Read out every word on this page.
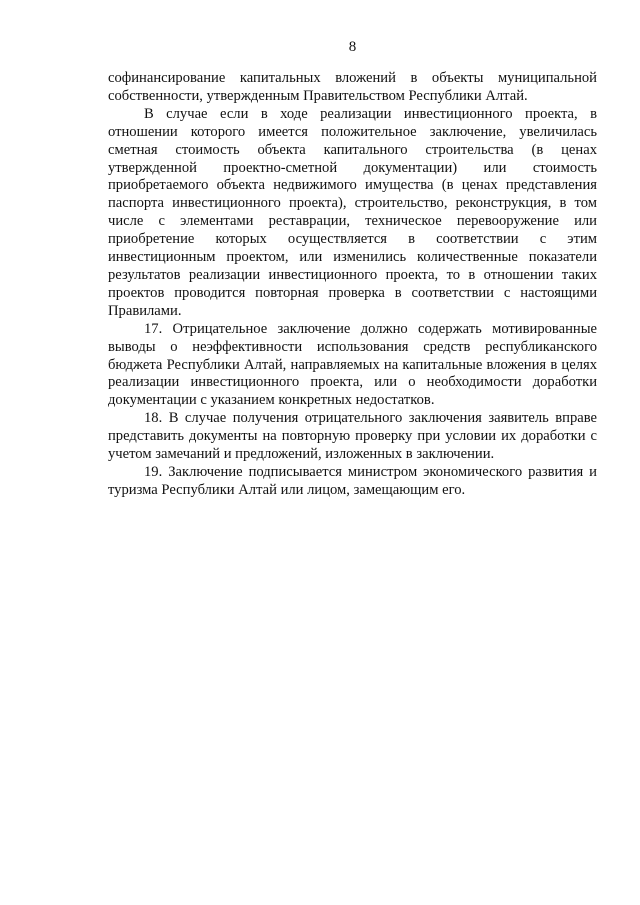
8

софинансирование капитальных вложений в объекты муниципальной собственности, утвержденным Правительством Республики Алтай.

В случае если в ходе реализации инвестиционного проекта, в отношении которого имеется положительное заключение, увеличилась сметная стоимость объекта капитального строительства (в ценах утвержденной проектно-сметной документации) или стоимость приобретаемого объекта недвижимого имущества (в ценах представления паспорта инвестиционного проекта), строительство, реконструкция, в том числе с элементами реставрации, техническое перевооружение или приобретение которых осуществляется в соответствии с этим инвестиционным проектом, или изменились количественные показатели результатов реализации инвестиционного проекта, то в отношении таких проектов проводится повторная проверка в соответствии с настоящими Правилами.

17. Отрицательное заключение должно содержать мотивированные выводы о неэффективности использования средств республиканского бюджета Республики Алтай, направляемых на капитальные вложения в целях реализации инвестиционного проекта, или о необходимости доработки документации с указанием конкретных недостатков.

18. В случае получения отрицательного заключения заявитель вправе представить документы на повторную проверку при условии их доработки с учетом замечаний и предложений, изложенных в заключении.

19. Заключение подписывается министром экономического развития и туризма Республики Алтай или лицом, замещающим его.
